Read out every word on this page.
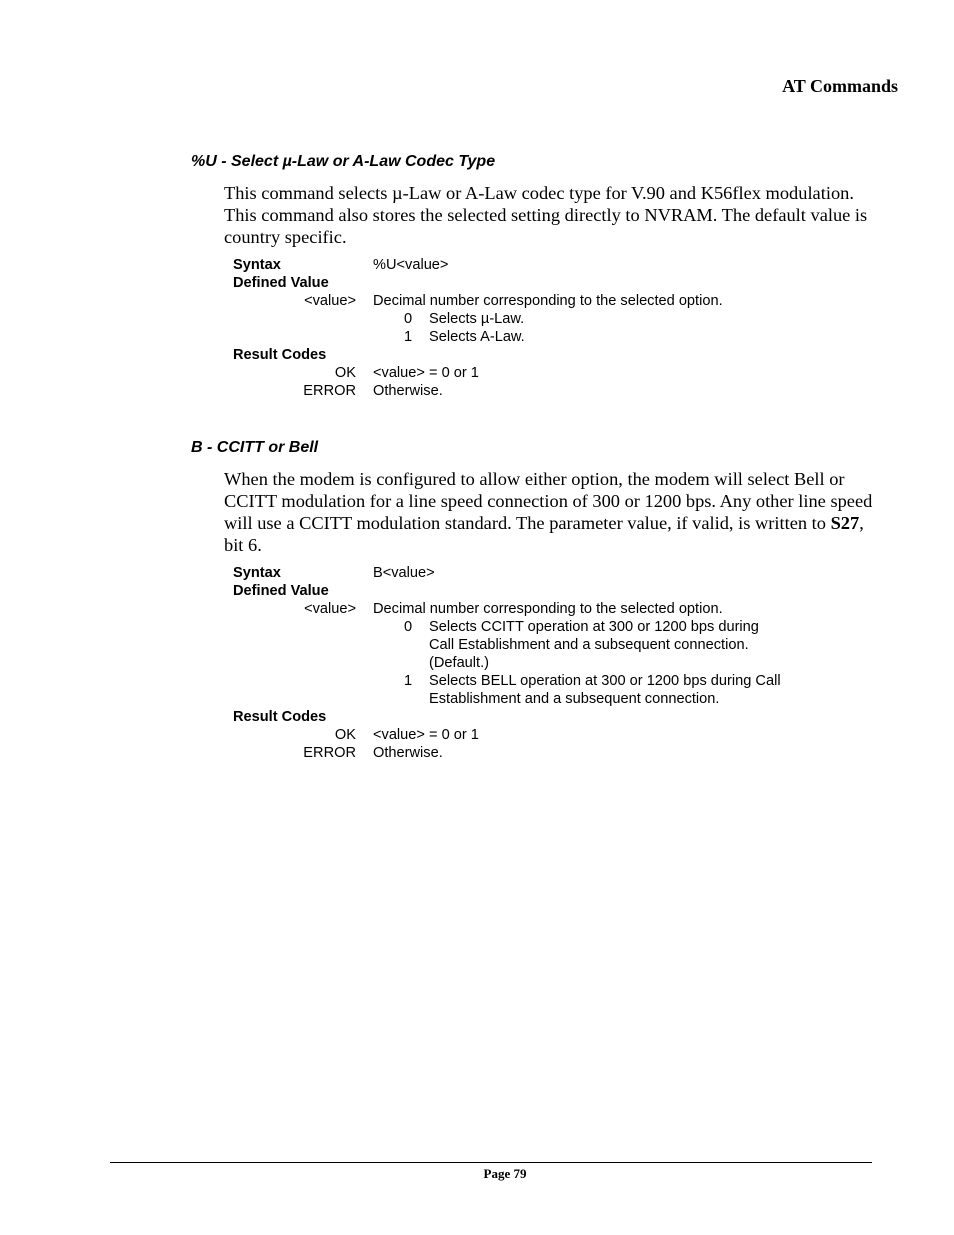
AT Commands
%U - Select µ-Law or A-Law Codec Type

This command selects µ-Law or A-Law codec type for V.90 and K56flex modulation.
This command also stores the selected setting directly to NVRAM. The default value is
country specific.

Syntax	%U<value>
Defined Value
<value> Decimal number corresponding to the selected option.
0 Selects µ-Law.
1 Selects A-Law.
Result Codes
OK <value> = 0 or 1
ERROR Otherwise.
B - CCITT or Bell

When the modem is configured to allow either option, the modem will select Bell or
CCITT modulation for a line speed connection of 300 or 1200 bps. Any other line speed
will use a CCITT modulation standard. The parameter value, if valid, is written to S27,
bit 6.

Syntax	B<value>
Defined Value
<value> Decimal number corresponding to the selected option.
0 Selects CCITT operation at 300 or 1200 bps during
Call Establishment and a subsequent connection.
(Default.)
1 Selects BELL operation at 300 or 1200 bps during Call
Establishment and a subsequent connection.
Result Codes
OK <value> = 0 or 1
ERROR Otherwise.
Page 79
